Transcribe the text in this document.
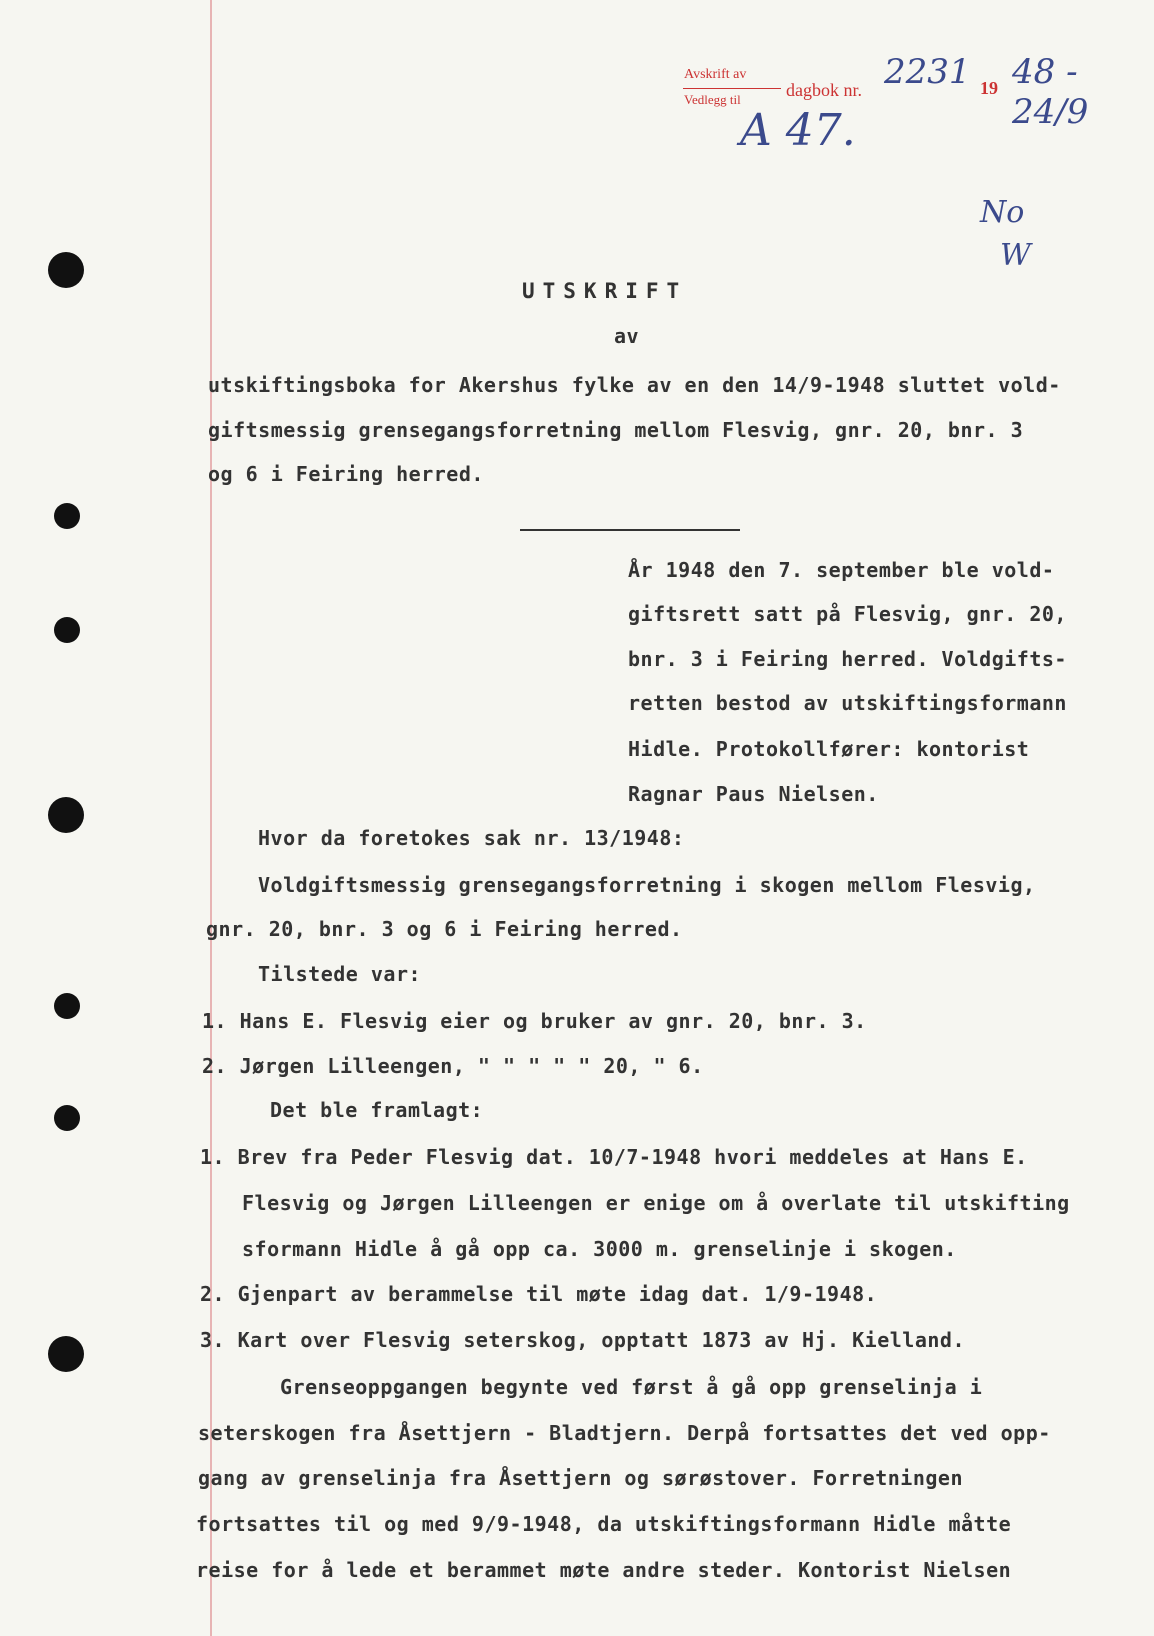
Avskrift av
Vedlegg til	dagbok nr.	19
2231 48 - 24/9
A 47.
No
W
UTSKRIFT
av
utskiftingsboka for Akershus fylke av en den 14/9-1948 sluttet vold-
giftsmessig grensegangsforretning mellom Flesvig, gnr. 20, bnr. 3
og 6 i Feiring herred.
År 1948 den 7. september ble vold-
giftsrett satt på Flesvig, gnr. 20,
bnr. 3 i Feiring herred. Voldgifts-
retten bestod av utskiftingsformann
Hidle. Protokollfører: kontorist
Ragnar Paus Nielsen.
Hvor da foretokes sak nr. 13/1948:
Voldgiftsmessig grensegangsforretning i skogen mellom Flesvig,
gnr. 20, bnr. 3 og 6 i Feiring herred.
Tilstede var:
1. Hans E. Flesvig eier og bruker av gnr. 20, bnr. 3.
2. Jørgen Lilleengen, " " " " " 20, " 6.
Det ble framlagt:
1. Brev fra Peder Flesvig dat. 10/7-1948 hvori meddeles at Hans E.
Flesvig og Jørgen Lilleengen er enige om å overlate til utskifting
sformann Hidle å gå opp ca. 3000 m. grenselinje i skogen.
2. Gjenpart av berammelse til møte idag dat. 1/9-1948.
3. Kart over Flesvig seterskog, opptatt 1873 av Hj. Kielland.
Grenseoppgangen begynte ved først å gå opp grenselinja i
seterskogen fra Åsettjern - Bladtjern. Derpå fortsattes det ved opp-
gang av grenselinja fra Åsettjern og sørøstover. Forretningen
fortsattes til og med 9/9-1948, da utskiftingsformann Hidle måtte
reise for å lede et berammet møte andre steder. Kontorist Nielsen
